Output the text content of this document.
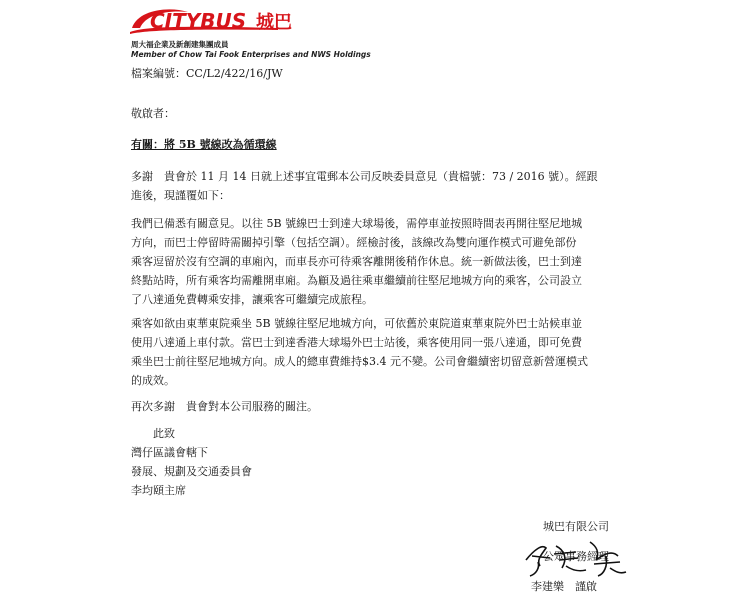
CITYBUS 城巴
周大福企業及新創建集團成員
Member of Chow Tai Fook Enterprises and NWS Holdings
檔案編號：CC/L2/422/16/JW
敬啟者：
有關：將 5B 號線改為循環線

多謝　貴會於 11 月 14 日就上述事宜電郵本公司反映委員意見（貴檔號：73 / 2016 號）。經跟

進後，現謹覆如下：

我們已備悉有關意見。以往 5B 號線巴士到達大球場後，需停車並按照時間表再開往堅尼地城

方向，而巴士停留時需關掉引擎（包括空調）。經檢討後，該線改為雙向運作模式可避免部份

乘客逗留於沒有空調的車廂內，而車長亦可待乘客離開後稍作休息。統一新做法後，巴士到達

終點站時，所有乘客均需離開車廂。為顧及過往乘車繼續前往堅尼地城方向的乘客，公司設立

了八達通免費轉乘安排，讓乘客可繼續完成旅程。

乘客如欲由東華東院乘坐 5B 號線往堅尼地城方向，可依舊於東院道東華東院外巴士站候車並

使用八達通上車付款。當巴士到達香港大球場外巴士站後，乘客使用同一張八達通，即可免費

乘坐巴士前往堅尼地城方向。成人的總車費維持$3.4 元不變。公司會繼續密切留意新營運模式

的成效。

再次多謝　貴會對本公司服務的關注。

　　此致

灣仔區議會轄下

發展、規劃及交通委員會

李均頤主席

城巴有限公司

公眾事務經理

李建樂　謹啟
